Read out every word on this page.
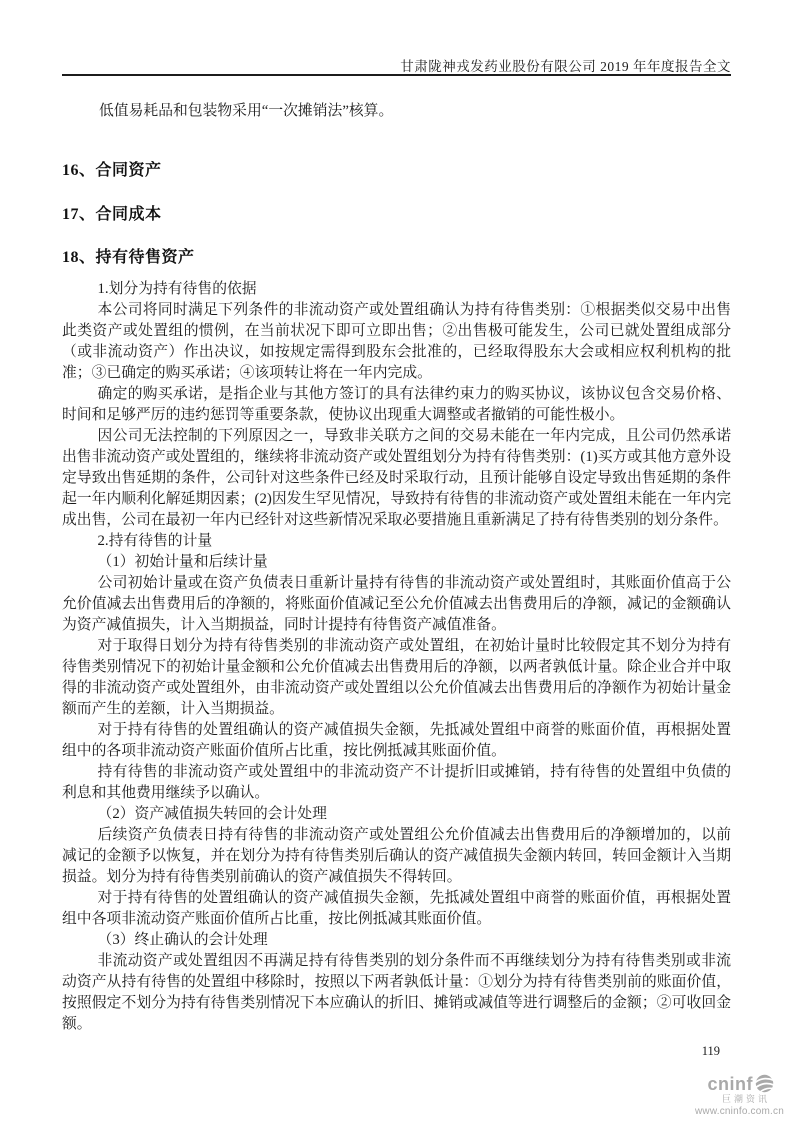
甘肃陇神戎发药业股份有限公司 2019 年年度报告全文
低值易耗品和包装物采用“一次摊销法”核算。
16、合同资产
17、合同成本
18、持有待售资产

1.划分为持有待售的依据

本公司将同时满足下列条件的非流动资产或处置组确认为持有待售类别：①根据类似交易中出售此类资产或处置组的惯例，在当前状况下即可立即出售；②出售极可能发生，公司已就处置组成部分（或非流动资产）作出决议，如按规定需得到股东会批准的，已经取得股东大会或相应权利机构的批准；③已确定的购买承诺；④该项转让将在一年内完成。

确定的购买承诺，是指企业与其他方签订的具有法律约束力的购买协议，该协议包含交易价格、时间和足够严厉的违约惩罚等重要条款，使协议出现重大调整或者撤销的可能性极小。

因公司无法控制的下列原因之一，导致非关联方之间的交易未能在一年内完成，且公司仍然承诺出售非流动资产或处置组的，继续将非流动资产或处置组划分为持有待售类别：(1)买方或其他方意外设定导致出售延期的条件，公司针对这些条件已经及时采取行动，且预计能够自设定导致出售延期的条件起一年内顺利化解延期因素；(2)因发生罕见情况，导致持有待售的非流动资产或处置组未能在一年内完成出售，公司在最初一年内已经针对这些新情况采取必要措施且重新满足了持有待售类别的划分条件。

2.持有待售的计量

（1）初始计量和后续计量

公司初始计量或在资产负债表日重新计量持有待售的非流动资产或处置组时，其账面价值高于公允价值减去出售费用后的净额的，将账面价值减记至公允价值减去出售费用后的净额，减记的金额确认为资产减值损失，计入当期损益，同时计提持有待售资产减值准备。

对于取得日划分为持有待售类别的非流动资产或处置组，在初始计量时比较假定其不划分为持有待售类别情况下的初始计量金额和公允价值减去出售费用后的净额，以两者孰低计量。除企业合并中取得的非流动资产或处置组外，由非流动资产或处置组以公允价值减去出售费用后的净额作为初始计量金额而产生的差额，计入当期损益。

对于持有待售的处置组确认的资产减值损失金额，先抵减处置组中商誉的账面价值，再根据处置组中的各项非流动资产账面价值所占比重，按比例抵减其账面价值。

持有待售的非流动资产或处置组中的非流动资产不计提折旧或摊销，持有待售的处置组中负债的利息和其他费用继续予以确认。

（2）资产减值损失转回的会计处理

后续资产负债表日持有待售的非流动资产或处置组公允价值减去出售费用后的净额增加的，以前减记的金额予以恢复，并在划分为持有待售类别后确认的资产减值损失金额内转回，转回金额计入当期损益。划分为持有待售类别前确认的资产减值损失不得转回。

对于持有待售的处置组确认的资产减值损失金额，先抵减处置组中商誉的账面价值，再根据处置组中各项非流动资产账面价值所占比重，按比例抵减其账面价值。

（3）终止确认的会计处理

非流动资产或处置组因不再满足持有待售类别的划分条件而不再继续划分为持有待售类别或非流动资产从持有待售的处置组中移除时，按照以下两者孰低计量：①划分为持有待售类别前的账面价值，按照假定不划分为持有待售类别情况下本应确认的折旧、摊销或减值等进行调整后的金额；②可收回金额。

119
cninf
巨潮资讯
www.cninfo.com.cn
